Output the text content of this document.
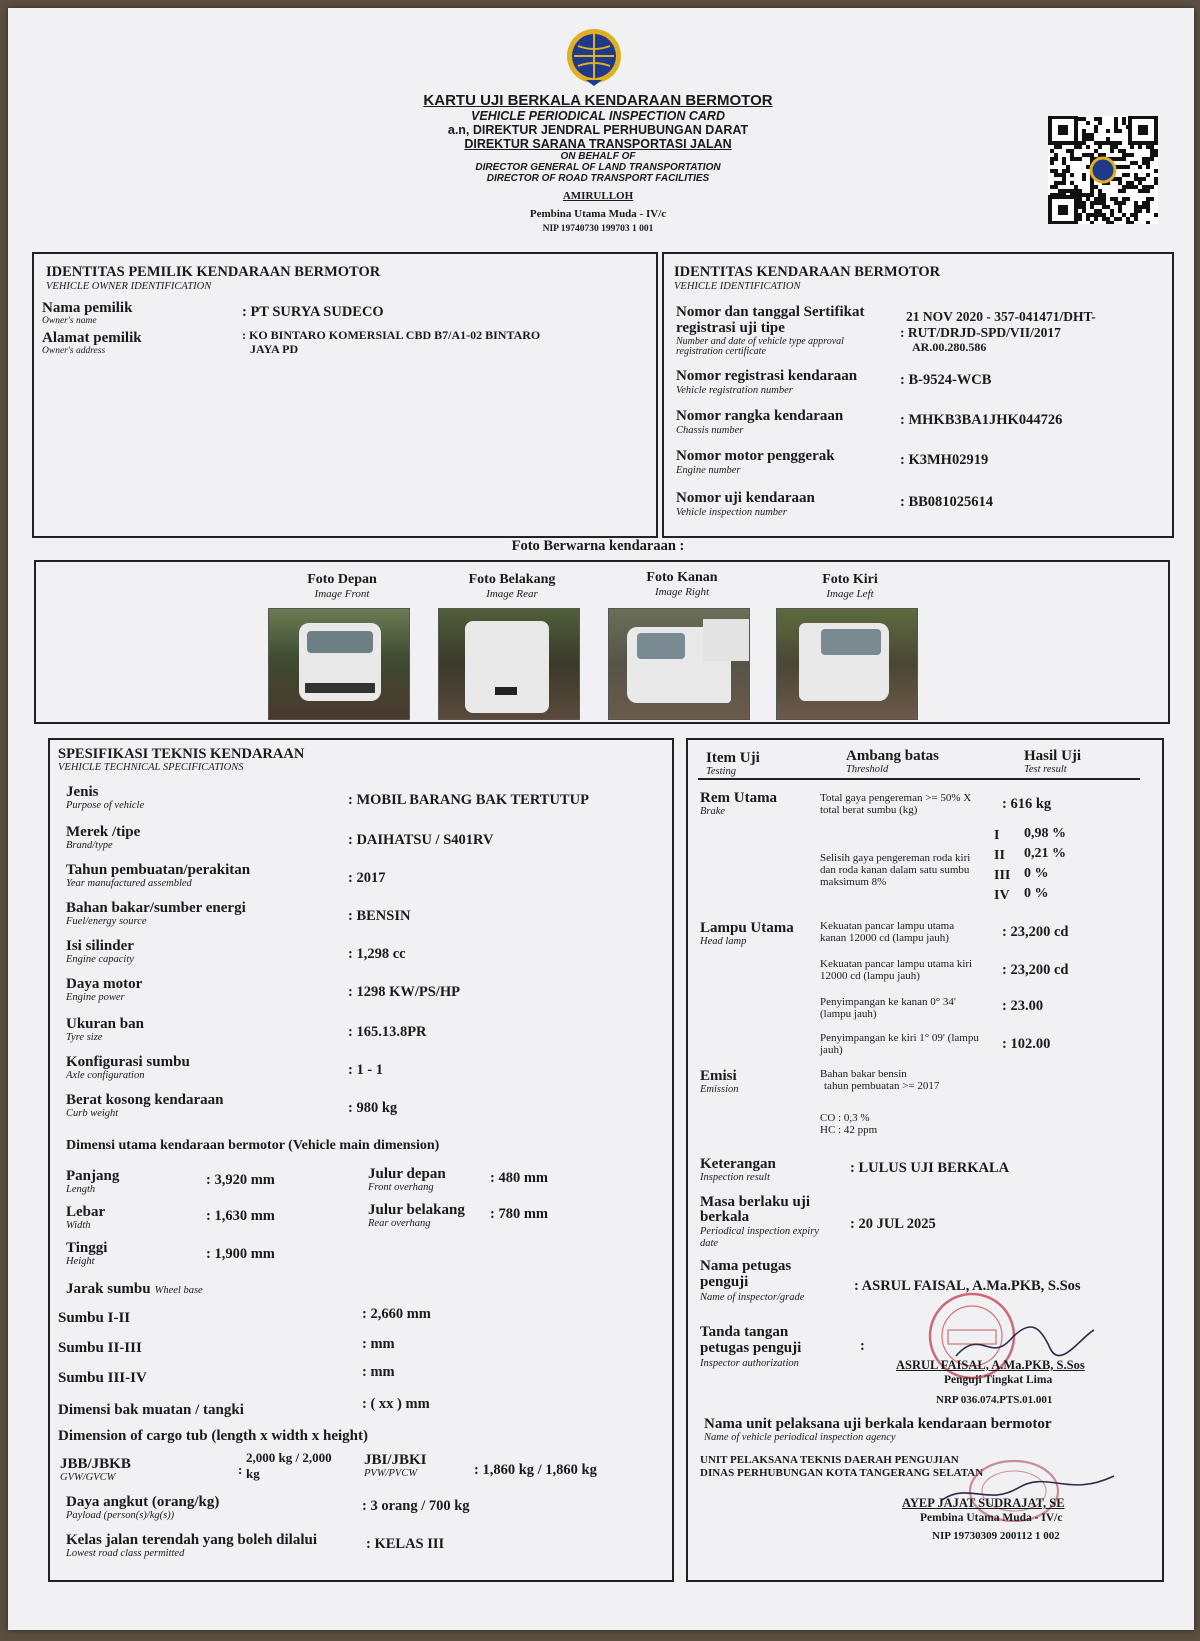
KARTU UJI BERKALA KENDARAAN BERMOTOR
VEHICLE PERIODICAL INSPECTION CARD
a.n, DIREKTUR JENDRAL PERHUBUNGAN DARAT
DIREKTUR SARANA TRANSPORTASI JALAN
ON BEHALF OF
DIRECTOR GENERAL OF LAND TRANSPORTATION
DIRECTOR OF ROAD TRANSPORT FACILITIES
AMIRULLOH
Pembina Utama Muda - IV/c
NIP 19740730 199703 1 001
IDENTITAS PEMILIK KENDARAAN BERMOTOR
VEHICLE OWNER IDENTIFICATION
Nama pemilik
Owner's name
: PT SURYA SUDECO
Alamat pemilik
Owner's address
: KO BINTARO KOMERSIAL CBD B7/A1-02 BINTARO
JAYA PD
IDENTITAS KENDARAAN BERMOTOR
VEHICLE IDENTIFICATION
Nomor dan tanggal Sertifikat
registrasi uji tipe
Number and date of vehicle type approval
registration certificate
21 NOV 2020 - 357-041471/DHT-
: RUT/DRJD-SPD/VII/2017
AR.00.280.586
Nomor registrasi kendaraan
Vehicle registration number
: B-9524-WCB
Nomor rangka kendaraan
Chassis number
: MHKB3BA1JHK044726
Nomor motor penggerak
Engine number
: K3MH02919
Nomor uji kendaraan
Vehicle inspection number
: BB081025614
Foto Berwarna kendaraan :
Foto Depan
Image Front
Foto Belakang
Image Rear
Foto Kanan
Image Right
Foto Kiri
Image Left
SPESIFIKASI TEKNIS KENDARAAN
VEHICLE TECHNICAL SPECIFICATIONS
Jenis
Purpose of vehicle	: MOBIL BARANG BAK TERTUTUP
Merek /tipe
Brand/type	: DAIHATSU / S401RV
Tahun pembuatan/perakitan
Year manufactured assembled	: 2017
Bahan bakar/sumber energi
Fuel/energy source	: BENSIN
Isi silinder
Engine capacity	: 1,298 cc
Daya motor
Engine power	: 1298 KW/PS/HP
Ukuran ban
Tyre size	: 165.13.8PR
Konfigurasi sumbu
Axle configuration	: 1 - 1
Berat kosong kendaraan
Curb weight	: 980 kg
Dimensi utama kendaraan bermotor (Vehicle main dimension)
Panjang
Length
: 3,920 mm
Lebar
Width
: 1,630 mm
Tinggi
Height	: 1,900 mm
Julur depan
Front overhang
: 480 mm
Julur belakang
Rear overhang
: 780 mm
Jarak sumbu Wheel base
Sumbu I-II	: 2,660 mm
Sumbu II-III	: mm
Sumbu III-IV	: mm
Dimensi bak muatan / tangki	: ( xx ) mm
Dimension of cargo tub (length x width x height)
JBB/JBKB
GVW/GVCW
:
2,000 kg / 2,000
kg
JBI/JBKI
PVW/PVCW	: 1,860 kg / 1,860 kg
Daya angkut (orang/kg)
Payload (person(s)/kg(s))
: 3 orang / 700 kg
Kelas jalan terendah yang boleh dilalui
Lowest road class permitted
: KELAS III
Item Uji
Testing
Ambang batas
Threshold
Hasil Uji
Test result
Rem Utama
Brake
Total gaya pengereman >= 50% X
total berat sumbu (kg)	: 616 kg
Selisih gaya pengereman roda kiri
dan roda kanan dalam satu sumbu
maksimum 8%
I 0,98 %
II 0,21 %
III 0 %
IV 0 %
Lampu Utama
Head lamp
Kekuatan pancar lampu utama
kanan 12000 cd (lampu jauh)	: 23,200 cd
Kekuatan pancar lampu utama kiri
12000 cd (lampu jauh)	: 23,200 cd
Penyimpangan ke kanan 0° 34'
(lampu jauh)	: 23.00
Penyimpangan ke kiri 1° 09' (lampu
jauh)	: 102.00
Emisi
Emission
Bahan bakar bensin
tahun pembuatan >= 2017
CO : 0,3 %
HC : 42 ppm
Keterangan
Inspection result
: LULUS UJI BERKALA
Masa berlaku uji
berkala
Periodical inspection expiry
date
: 20 JUL 2025
Nama petugas
penguji
Name of inspector/grade
: ASRUL FAISAL, A.Ma.PKB, S.Sos
Tanda tangan
petugas penguji
Inspector authorization
:
ASRUL FAISAL, A.Ma.PKB, S.Sos
Penguji Tingkat Lima
NRP 036.074.PTS.01.001
Nama unit pelaksana uji berkala kendaraan bermotor
Name of vehicle periodical inspection agency
UNIT PELAKSANA TEKNIS DAERAH PENGUJIAN
DINAS PERHUBUNGAN KOTA TANGERANG SELATAN
AYEP JAJAT SUDRAJAT, SE
Pembina Utama Muda - IV/c
NIP 19730309 200112 1 002
